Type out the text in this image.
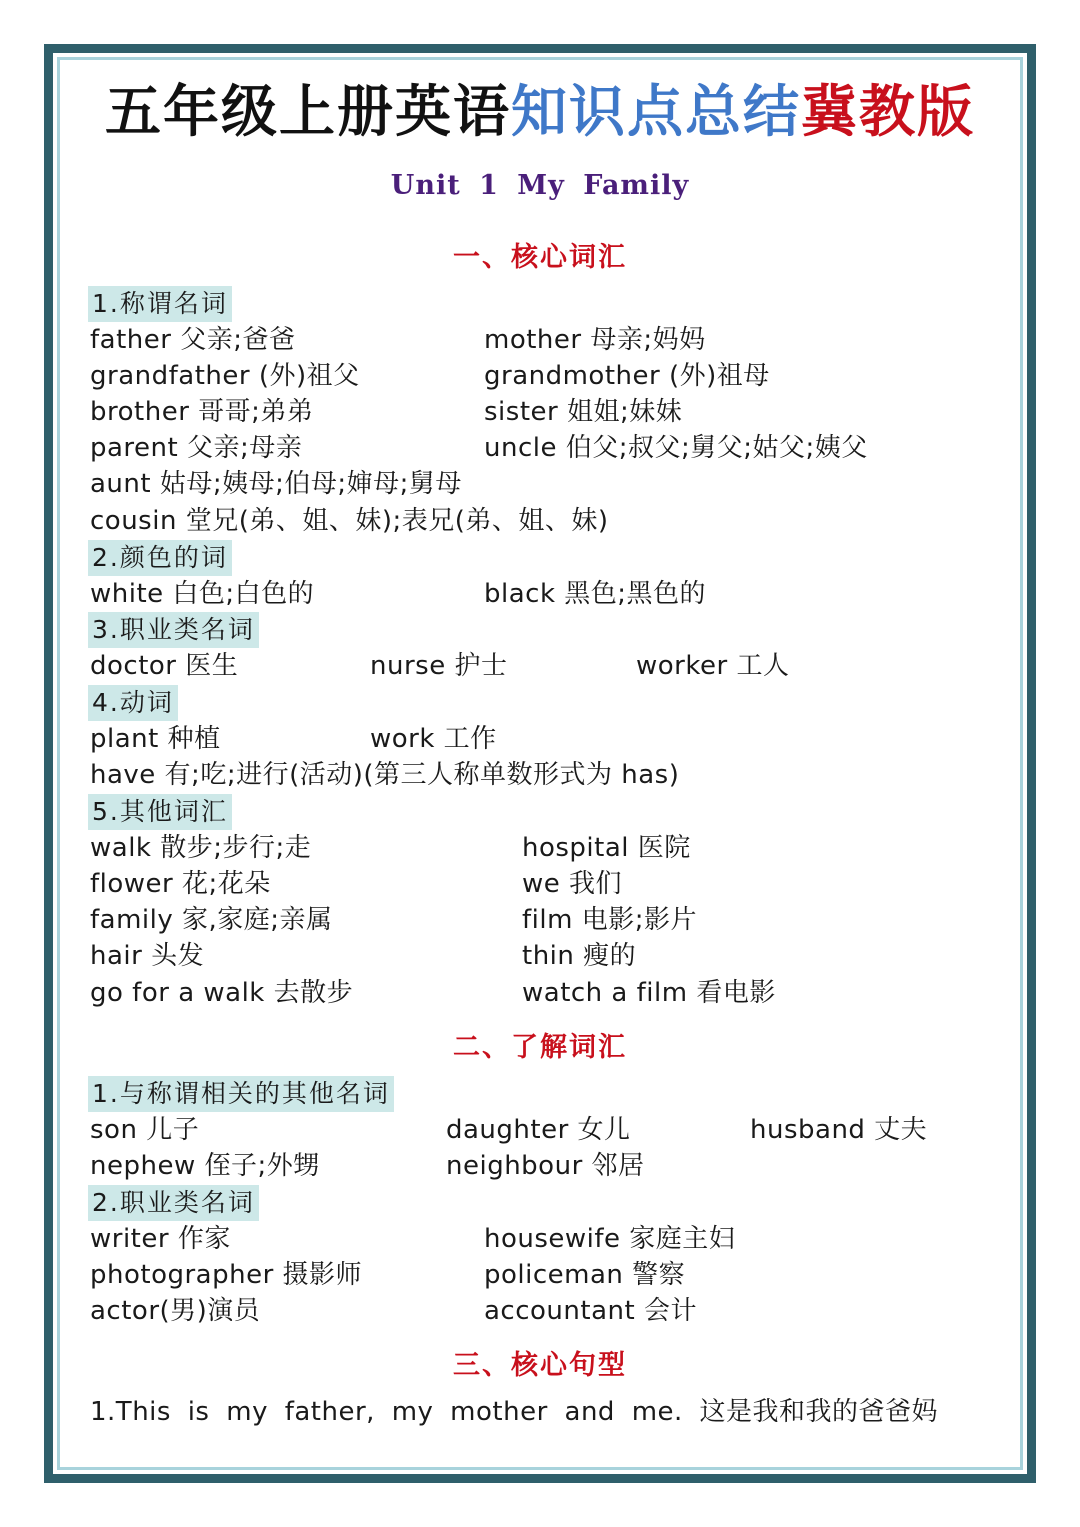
五年级上册英语知识点总结冀教版
Unit 1 My Family
一、核心词汇
1.称谓名词
father 父亲;爸爸	mother 母亲;妈妈
grandfather (外)祖父	grandmother (外)祖母
brother 哥哥;弟弟	sister 姐姐;妹妹
parent 父亲;母亲	uncle 伯父;叔父;舅父;姑父;姨父
aunt 姑母;姨母;伯母;婶母;舅母
cousin 堂兄(弟、姐、妹);表兄(弟、姐、妹)
2.颜色的词
white 白色;白色的	black 黑色;黑色的
3.职业类名词
doctor 医生	nurse 护士	worker 工人
4.动词
plant 种植	work 工作
have 有;吃;进行(活动)(第三人称单数形式为 has)
5.其他词汇
walk 散步;步行;走	hospital 医院
flower 花;花朵	we 我们
family 家,家庭;亲属	film 电影;影片
hair 头发	thin 瘦的
go for a walk 去散步	watch a film 看电影
二、了解词汇
1.与称谓相关的其他名词
son 儿子	daughter 女儿	husband 丈夫
nephew 侄子;外甥	neighbour 邻居
2.职业类名词
writer 作家	housewife 家庭主妇
photographer 摄影师	policeman 警察
actor(男)演员	accountant 会计
三、核心句型
1.This is my father, my mother and me. 这是我和我的爸爸妈
